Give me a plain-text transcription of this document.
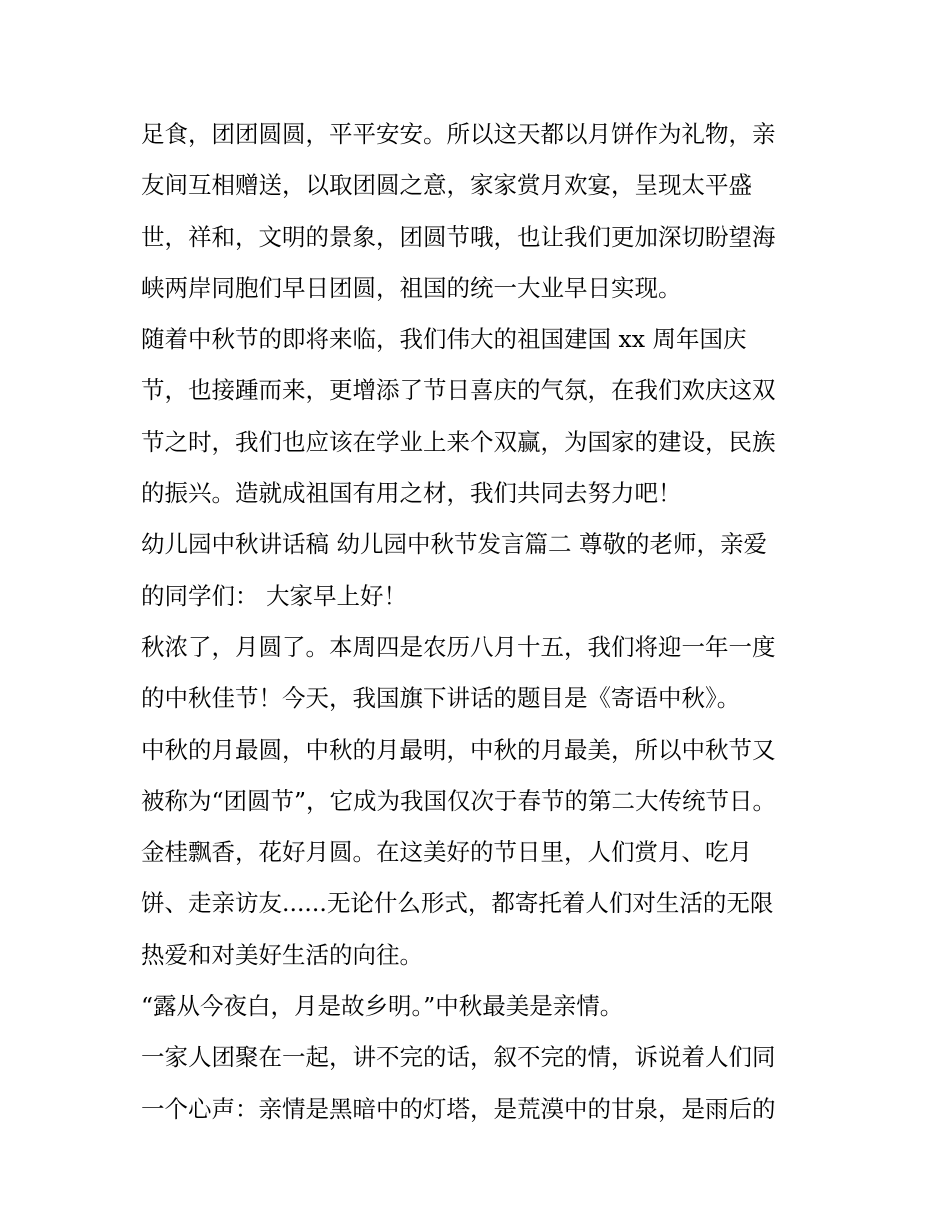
足食，团团圆圆，平平安安。所以这天都以月饼作为礼物，亲
友间互相赠送，以取团圆之意，家家赏月欢宴，呈现太平盛
世，祥和，文明的景象，团圆节哦，也让我们更加深切盼望海
峡两岸同胞们早日团圆，祖国的统一大业早日实现。
随着中秋节的即将来临，我们伟大的祖国建国 xx 周年国庆
节，也接踵而来，更增添了节日喜庆的气氛，在我们欢庆这双
节之时，我们也应该在学业上来个双赢，为国家的建设，民族
的振兴。造就成祖国有用之材，我们共同去努力吧！
幼儿园中秋讲话稿 幼儿园中秋节发言篇二 尊敬的老师，亲爱
的同学们： 大家早上好！
秋浓了，月圆了。本周四是农历八月十五，我们将迎一年一度
的中秋佳节！今天，我国旗下讲话的题目是《寄语中秋》。
中秋的月最圆，中秋的月最明，中秋的月最美，所以中秋节又
被称为“团圆节”，它成为我国仅次于春节的第二大传统节日。
金桂飘香，花好月圆。在这美好的节日里，人们赏月、吃月
饼、走亲访友......无论什么形式，都寄托着人们对生活的无限
热爱和对美好生活的向往。
“露从今夜白，月是故乡明。”中秋最美是亲情。
一家人团聚在一起，讲不完的话，叙不完的情，诉说着人们同
一个心声：亲情是黑暗中的灯塔，是荒漠中的甘泉，是雨后的
